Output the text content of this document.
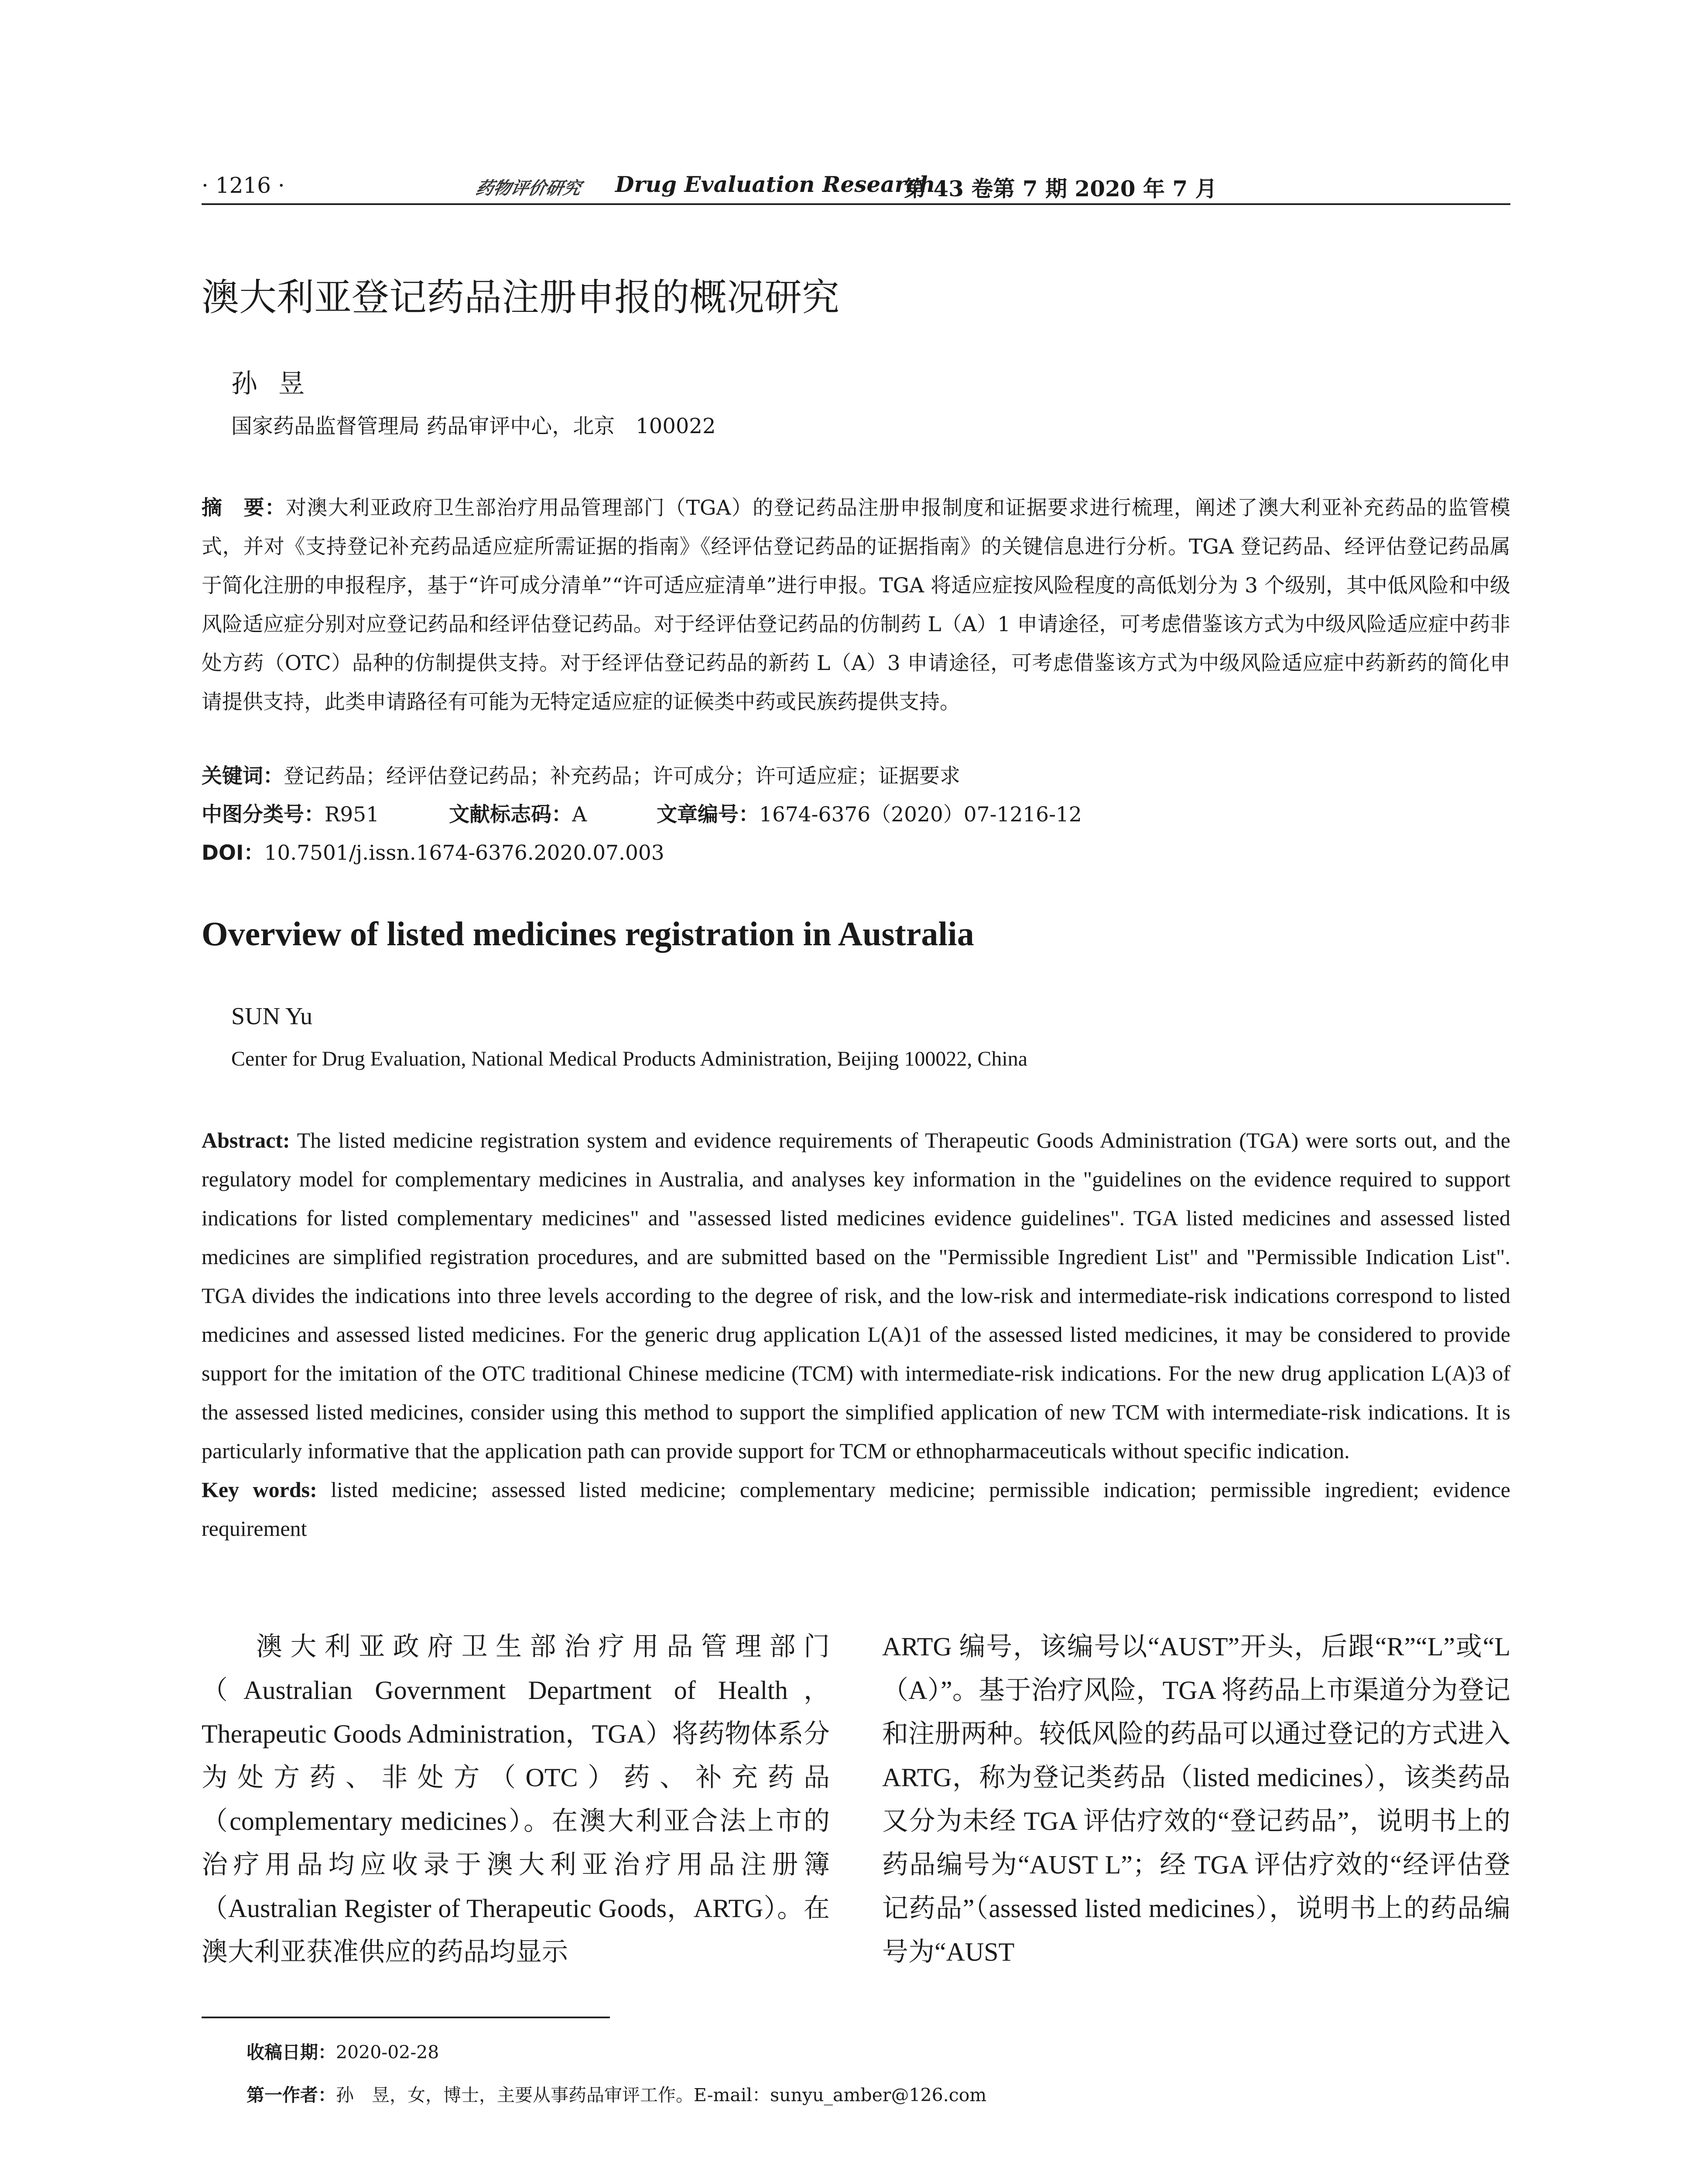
· 1216 ·	药物评价研究 Drug Evaluation Research
第 43 卷第 7 期 2020 年 7 月
澳大利亚登记药品注册申报的概况研究
孙昱
国家药品监督管理局 药品审评中心，北京　100022
摘　要：对澳大利亚政府卫生部治疗用品管理部门（TGA）的登记药品注册申报制度和证据要求进行梳理，阐述了澳大利亚补充药品的监管模式，并对《支持登记补充药品适应症所需证据的指南》《经评估登记药品的证据指南》的关键信息进行分析。TGA 登记药品、经评估登记药品属于简化注册的申报程序，基于“许可成分清单”“许可适应症清单”进行申报。TGA 将适应症按风险程度的高低划分为 3 个级别，其中低风险和中级风险适应症分别对应登记药品和经评估登记药品。对于经评估登记药品的仿制药 L（A）1 申请途径，可考虑借鉴该方式为中级风险适应症中药非处方药（OTC）品种的仿制提供支持。对于经评估登记药品的新药 L（A）3 申请途径，可考虑借鉴该方式为中级风险适应症中药新药的简化申请提供支持，此类申请路径有可能为无特定适应症的证候类中药或民族药提供支持。
关键词：登记药品；经评估登记药品；补充药品；许可成分；许可适应症；证据要求
中图分类号：R951	文献标志码：A	文章编号：1674-6376（2020）07-1216-12
DOI：10.7501/j.issn.1674-6376.2020.07.003
Overview of listed medicines registration in Australia
SUN Yu
Center for Drug Evaluation, National Medical Products Administration, Beijing 100022, China
Abstract: The listed medicine registration system and evidence requirements of Therapeutic Goods Administration (TGA) were sorts out, and the regulatory model for complementary medicines in Australia, and analyses key information in the "guidelines on the evidence required to support indications for listed complementary medicines" and "assessed listed medicines evidence guidelines". TGA listed medicines and assessed listed medicines are simplified registration procedures, and are submitted based on the "Permissible Ingredient List" and "Permissible Indication List". TGA divides the indications into three levels according to the degree of risk, and the low-risk and intermediate-risk indications correspond to listed medicines and assessed listed medicines. For the generic drug application L(A)1 of the assessed listed medicines, it may be considered to provide support for the imitation of the OTC traditional Chinese medicine (TCM) with intermediate-risk indications. For the new drug application L(A)3 of the assessed listed medicines, consider using this method to support the simplified application of new TCM with intermediate-risk indications. It is particularly informative that the application path can provide support for TCM or ethnopharmaceuticals without specific indication.
Key words: listed medicine; assessed listed medicine; complementary medicine; permissible indication; permissible ingredient; evidence requirement
澳大利亚政府卫生部治疗用品管理部门（Australian Government Department of Health，Therapeutic Goods Administration，TGA）将药物体系分为处方药、非处方（OTC）药、补充药品（complementary medicines）。在澳大利亚合法上市的治疗用品均应收录于澳大利亚治疗用品注册簿（Australian Register of Therapeutic Goods，ARTG）。在澳大利亚获准供应的药品均显示
ARTG 编号，该编号以“AUST”开头，后跟“R”“L”或“L（A）”。基于治疗风险，TGA 将药品上市渠道分为登记和注册两种。较低风险的药品可以通过登记的方式进入 ARTG，称为登记类药品（listed medicines），该类药品又分为未经 TGA 评估疗效的“登记药品”，说明书上的药品编号为“AUST L”；经 TGA 评估疗效的“经评估登记药品”（assessed listed medicines），说明书上的药品编号为“AUST
收稿日期：2020-02-28
第一作者：孙　昱，女，博士，主要从事药品审评工作。E-mail：sunyu_amber@126.com
